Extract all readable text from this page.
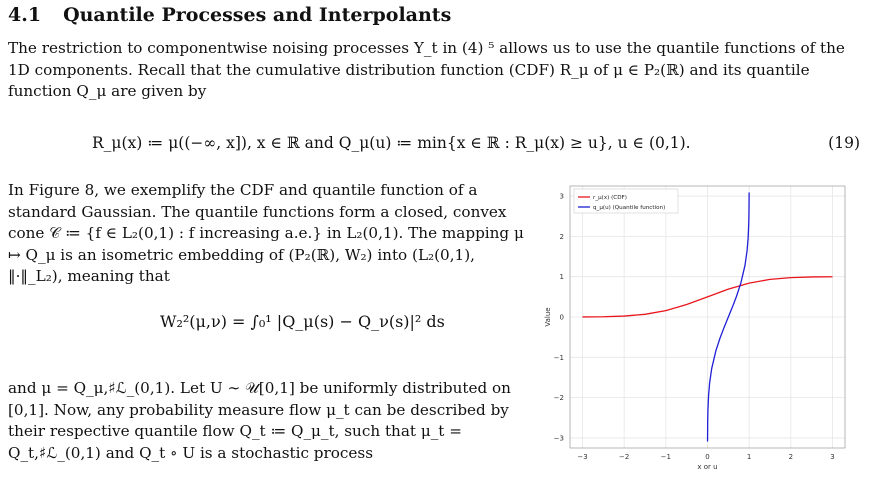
4.1 Quantile Processes and Interpolants

The restriction to componentwise noising processes Y_t in (4) ⁵ allows us to use the quantile functions of the 1D components. Recall that the cumulative distribution function (CDF) R_μ of μ ∈ P₂(ℝ) and its quantile function Q_μ are given by

R_μ(x) ≔ μ((−∞, x]), x ∈ ℝ and Q_μ(u) ≔ min{x ∈ ℝ : R_μ(x) ≥ u}, u ∈ (0,1).	(19)

In Figure 8, we exemplify the CDF and quantile function of a standard Gaussian. The quantile functions form a closed, convex cone 𝒞 ≔ {f ∈ L₂(0,1) : f increasing a.e.} in L₂(0,1). The mapping μ ↦ Q_μ is an isometric embedding of (P₂(ℝ), W₂) into (L₂(0,1), ‖·‖_L₂), meaning that

W₂²(μ,ν) = ∫₀¹ |Q_μ(s) − Q_ν(s)|² ds

and μ = Q_μ,♯ℒ_(0,1). Let U ∼ 𝒰[0,1] be uniformly distributed on [0,1]. Now, any probability measure flow μ_t can be described by their respective quantile flow Q_t ≔ Q_μ_t, such that μ_t = Q_t,♯ℒ_(0,1) and Q_t ∘ U is a stochastic process	−3	−2	−1	0	1	2	3
−3
−2
−1
0
1
2
3
x or u
Value
r_μ(x) (CDF)
q_μ(u) (Quantile function)
